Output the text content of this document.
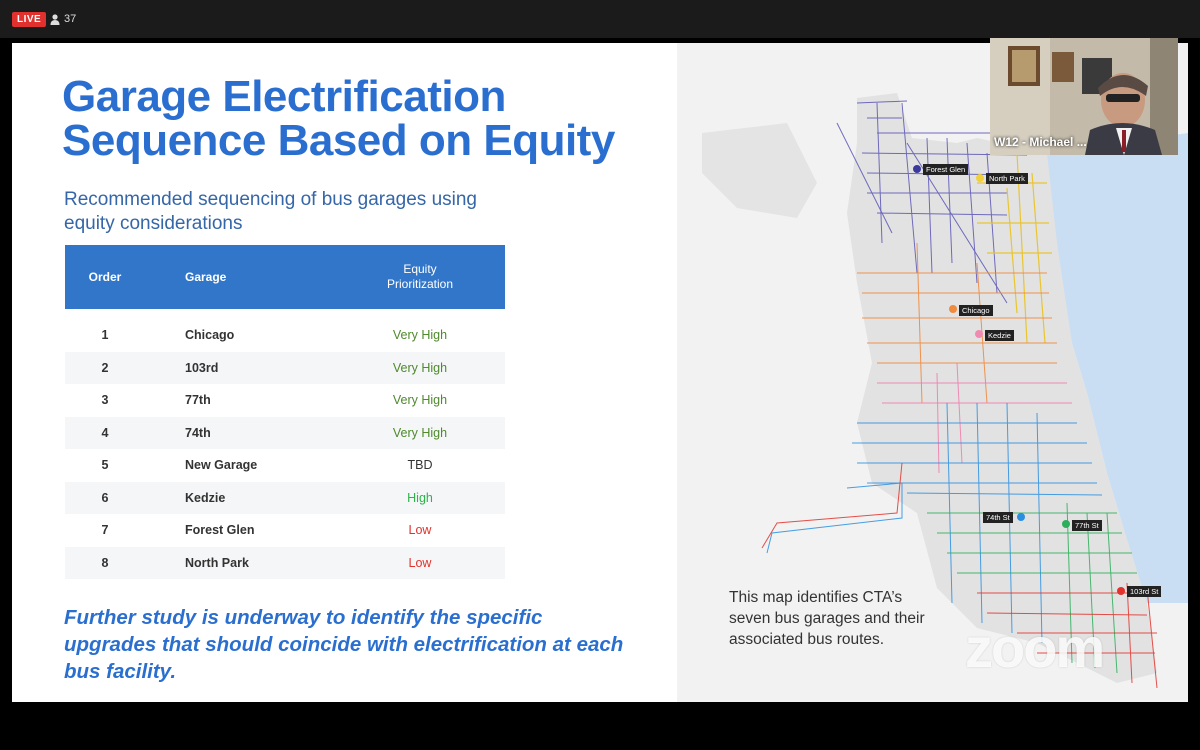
LIVE	37
Garage Electrification Sequence Based on Equity
Recommended sequencing of bus garages using equity considerations
Order	Garage	Equity Prioritization

1	Chicago	Very High
2	103rd	Very High
3	77th	Very High
4	74th	Very High
5	New Garage	TBD
6	Kedzie	High
7	Forest Glen	Low
8	North Park	Low
Further study is underway to identify the specific upgrades that should coincide with electrification at each bus facility.
Forest Glen
North Park
Chicago
Kedzie
74th St
77th St
103rd St
This map identifies CTA’s seven bus garages and their associated bus routes.	zoom
W12 - Michael ...
